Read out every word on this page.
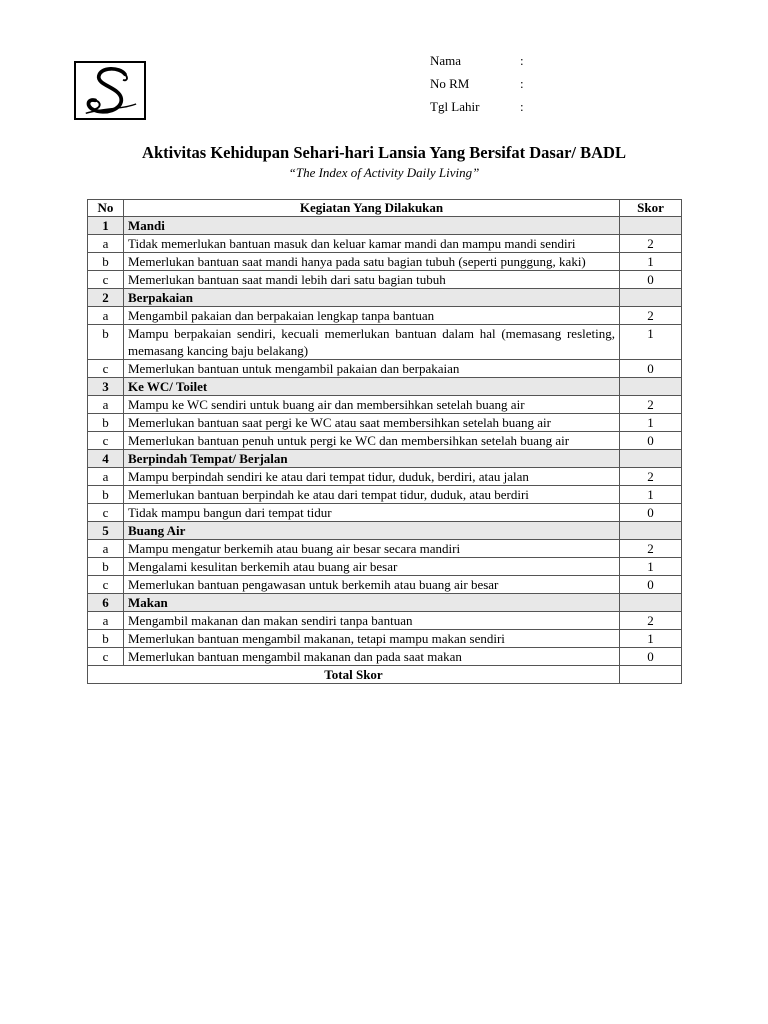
Nama	:
No RM	:
Tgl Lahir	:
Aktivitas Kehidupan Sehari-hari Lansia Yang Bersifat Dasar/ BADL
“The Index of Activity Daily Living”
No	Kegiatan Yang Dilakukan	Skor
1	Mandi	
a	Tidak memerlukan bantuan masuk dan keluar kamar mandi dan mampu mandi sendiri	2
b	Memerlukan bantuan saat mandi hanya pada satu bagian tubuh (seperti punggung, kaki)	1
c	Memerlukan bantuan saat mandi lebih dari satu bagian tubuh	0
2	Berpakaian	
a	Mengambil pakaian dan berpakaian lengkap tanpa bantuan	2
b	Mampu berpakaian sendiri, kecuali memerlukan bantuan dalam hal (memasang resleting, memasang kancing baju belakang)	1
c	Memerlukan bantuan untuk mengambil pakaian dan berpakaian	0
3	Ke WC/ Toilet	
a	Mampu ke WC sendiri untuk buang air dan membersihkan setelah buang air	2
b	Memerlukan bantuan saat pergi ke WC atau saat membersihkan setelah buang air	1
c	Memerlukan bantuan penuh untuk pergi ke WC dan membersihkan setelah buang air	0
4	Berpindah Tempat/ Berjalan	
a	Mampu berpindah sendiri ke atau dari tempat tidur, duduk, berdiri, atau jalan	2
b	Memerlukan bantuan berpindah ke atau dari tempat tidur, duduk, atau berdiri	1
c	Tidak mampu bangun dari tempat tidur	0
5	Buang Air	
a	Mampu mengatur berkemih atau buang air besar secara mandiri	2
b	Mengalami kesulitan berkemih atau buang air besar	1
c	Memerlukan bantuan pengawasan untuk berkemih atau buang air besar	0
6	Makan	
a	Mengambil makanan dan makan sendiri tanpa bantuan	2
b	Memerlukan bantuan mengambil makanan, tetapi mampu makan sendiri	1
c	Memerlukan bantuan mengambil makanan dan pada saat makan	0
Total Skor		
